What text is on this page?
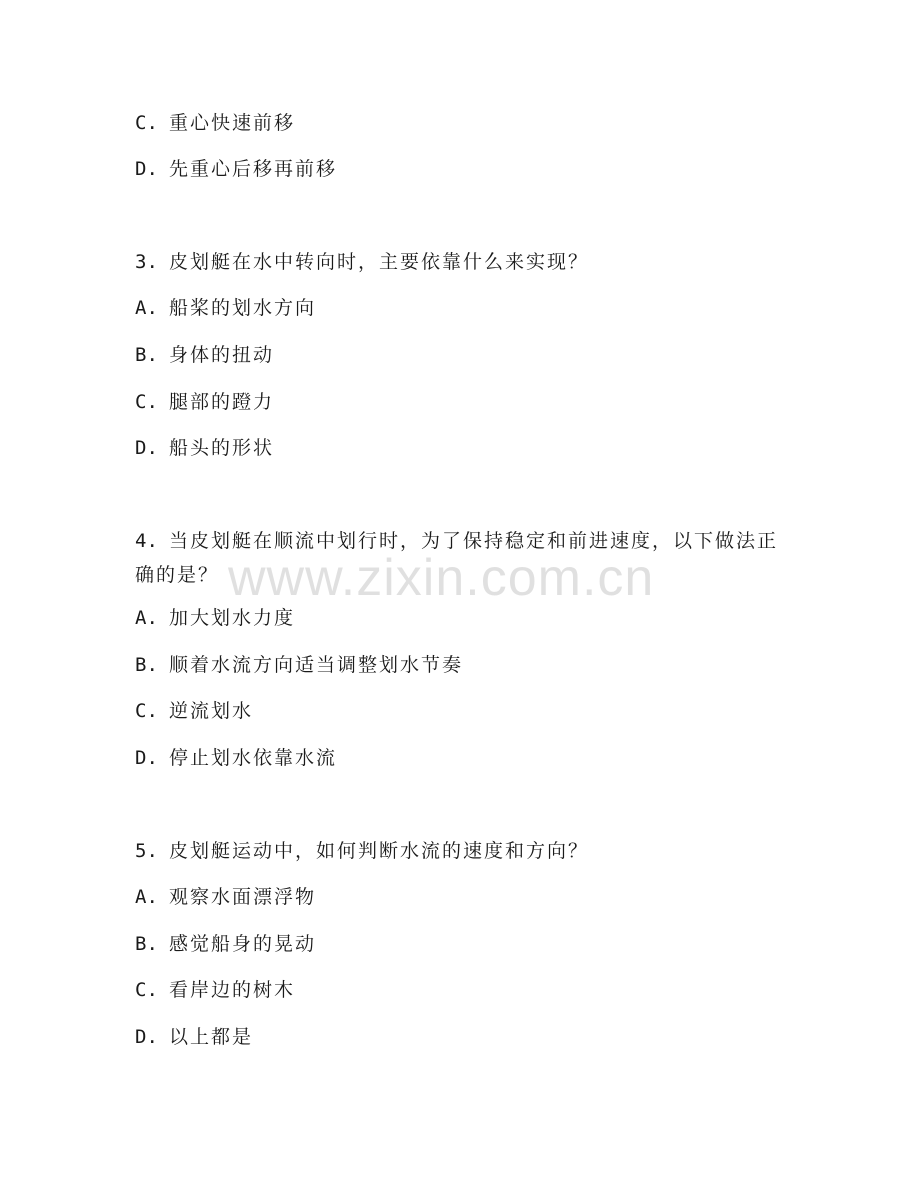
C. 重心快速前移
D. 先重心后移再前移
3. 皮划艇在水中转向时，主要依靠什么来实现？
A. 船桨的划水方向
B. 身体的扭动
C. 腿部的蹬力
D. 船头的形状
4. 当皮划艇在顺流中划行时，为了保持稳定和前进速度，以下做法正
确的是？
A. 加大划水力度
B. 顺着水流方向适当调整划水节奏
C. 逆流划水
D. 停止划水依靠水流
5. 皮划艇运动中，如何判断水流的速度和方向？
A. 观察水面漂浮物
B. 感觉船身的晃动
C. 看岸边的树木
D. 以上都是
www.zixin.com.cn
